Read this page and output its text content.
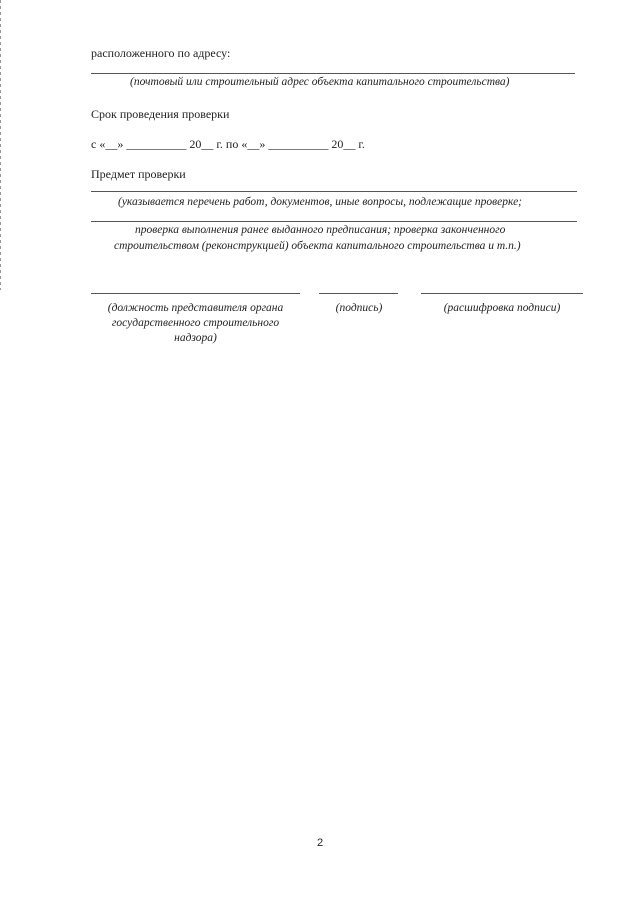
расположенного по адресу:
(почтовый или строительный адрес объекта капитального строительства)
Срок проведения проверки
с «__» __________ 20__ г. по «__» __________ 20__ г.
Предмет проверки
(указывается перечень работ, документов, иные вопросы, подлежащие проверке;
проверка выполнения ранее выданного предписания; проверка законченного
строительством (реконструкцией) объекта капитального строительства и т.п.)
(должность представителя органа
государственного строительного
надзора)
(подпись)	(расшифровка подписи)
2
